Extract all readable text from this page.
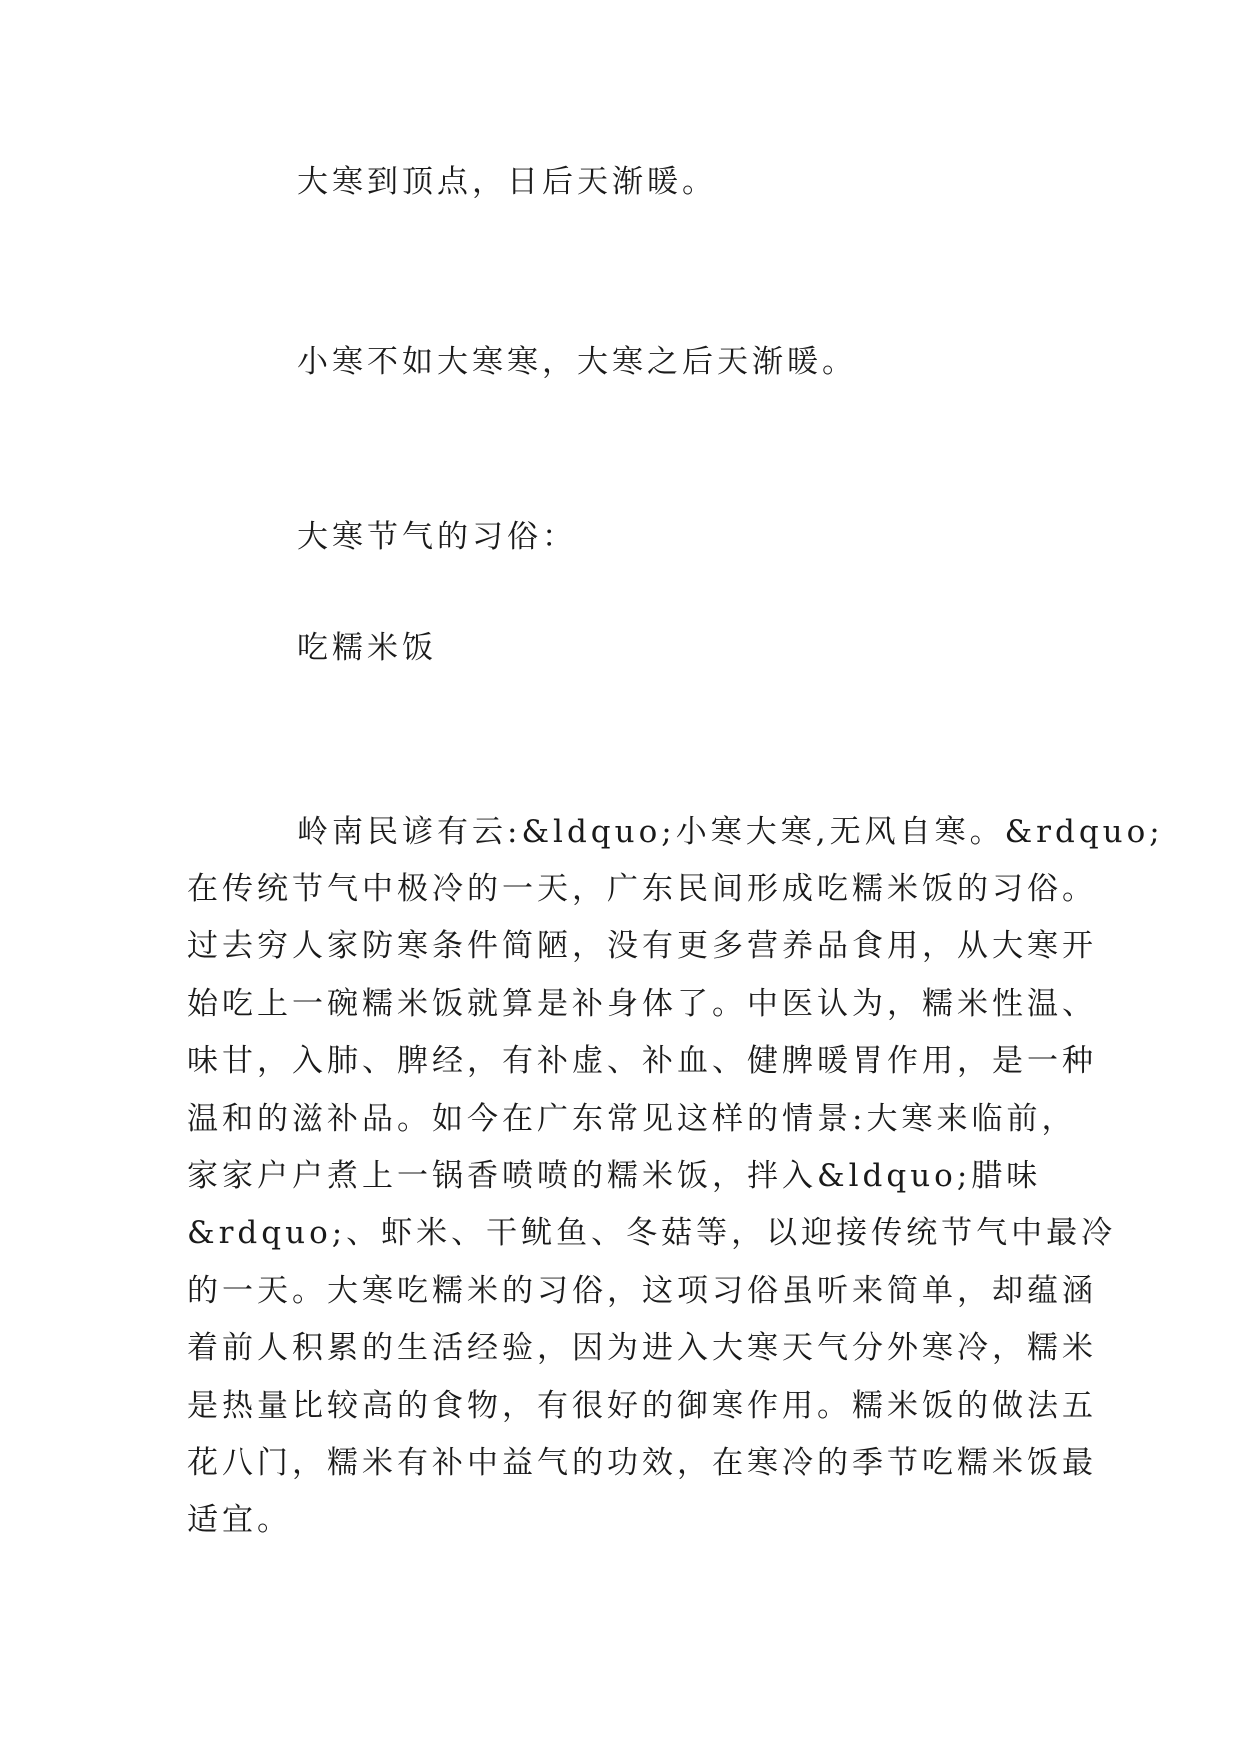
大寒到顶点，日后天渐暖。
小寒不如大寒寒，大寒之后天渐暖。
大寒节气的习俗：
吃糯米饭
岭南民谚有云:&ldquo;小寒大寒,无风自寒。&rdquo;
在传统节气中极冷的一天，广东民间形成吃糯米饭的习俗。
过去穷人家防寒条件简陋，没有更多营养品食用，从大寒开
始吃上一碗糯米饭就算是补身体了。中医认为，糯米性温、
味甘，入肺、脾经，有补虚、补血、健脾暖胃作用，是一种
温和的滋补品。如今在广东常见这样的情景:大寒来临前，
家家户户煮上一锅香喷喷的糯米饭，拌入&ldquo;腊味
&rdquo;、虾米、干鱿鱼、冬菇等，以迎接传统节气中最冷
的一天。大寒吃糯米的习俗，这项习俗虽听来简单，却蕴涵
着前人积累的生活经验，因为进入大寒天气分外寒冷，糯米
是热量比较高的食物，有很好的御寒作用。糯米饭的做法五
花八门，糯米有补中益气的功效，在寒冷的季节吃糯米饭最
适宜。
